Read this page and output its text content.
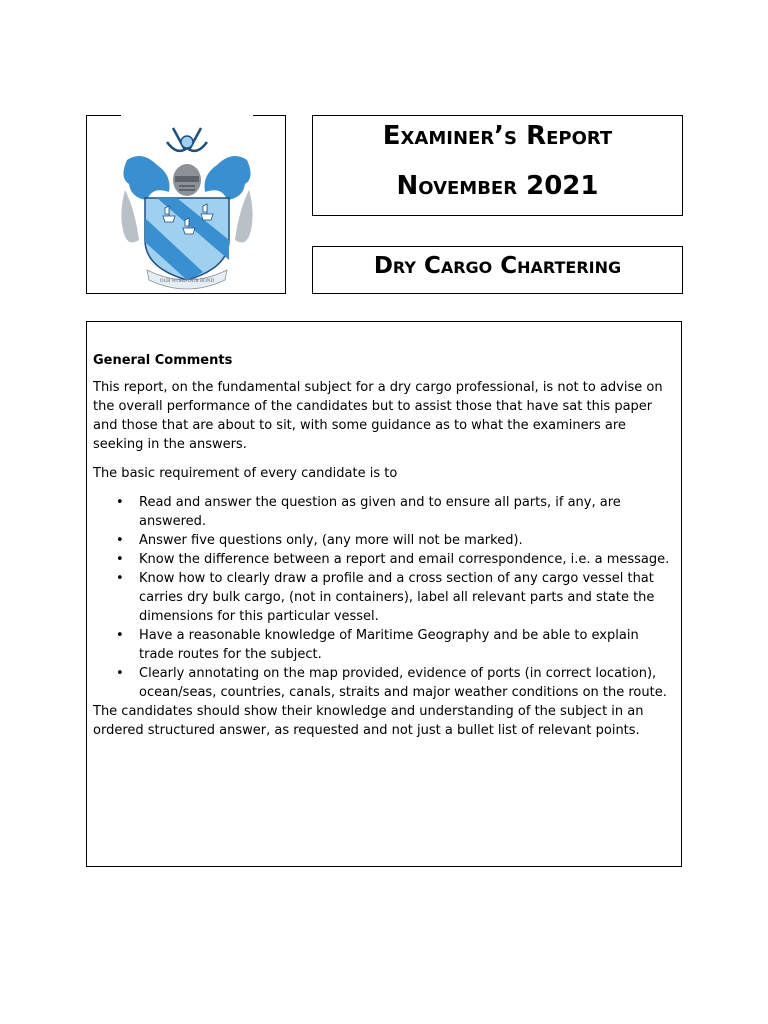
OUR WORD OUR BOND
Examiner’s Report
November 2021
Dry Cargo Chartering

General Comments

This report, on the fundamental subject for a dry cargo professional, is not to advise on the overall performance of the candidates but to assist those that have sat this paper and those that are about to sit, with some guidance as to what the examiners are seeking in the answers.

The basic requirement of every candidate is to

• Read and answer the question as given and to ensure all parts, if any, are answered.
• Answer five questions only, (any more will not be marked).
• Know the difference between a report and email correspondence, i.e. a message.
• Know how to clearly draw a profile and a cross section of any cargo vessel that carries dry bulk cargo, (not in containers), label all relevant parts and state the dimensions for this particular vessel.
• Have a reasonable knowledge of Maritime Geography and be able to explain trade routes for the subject.
• Clearly annotating on the map provided, evidence of ports (in correct location), ocean/seas, countries, canals, straits and major weather conditions on the route.

The candidates should show their knowledge and understanding of the subject in an ordered structured answer, as requested and not just a bullet list of relevant points.
